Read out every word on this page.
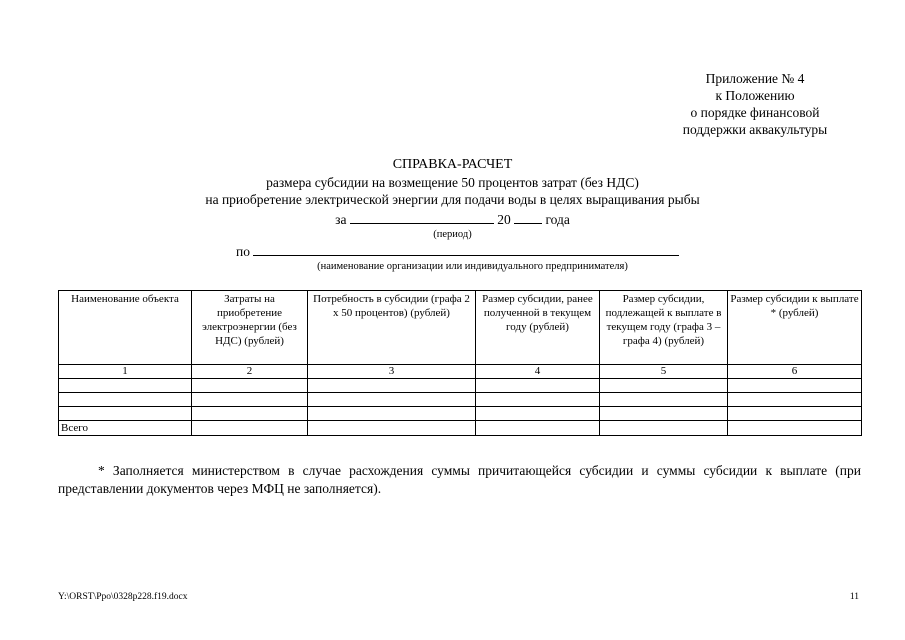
Приложение № 4
к Положению
о порядке финансовой
поддержки аквакультуры
СПРАВКА-РАСЧЕТ
размера субсидии на возмещение 50 процентов затрат (без НДС)
на приобретение электрической энергии для подачи воды в целях выращивания рыбы
за	20	года
(период)
по
(наименование организации или индивидуального предпринимателя)
Наименование объекта	Затраты на приобретение электроэнергии (без НДС) (рублей)	Потребность в субсидии (графа 2 х 50 процентов) (рублей)	Размер субсидии, ранее полученной в текущем году (рублей)	Размер субсидии, подлежащей к выплате в текущем году (графа 3 – графа 4) (рублей)	Размер субсидии к выплате * (рублей)
1	2	3	4	5	6

Всего					

* Заполняется министерством в случае расхождения суммы причитающейся субсидии и суммы субсидии к выплате (при представлении документов через МФЦ не заполняется).

Y:\ORST\Ppo\0328p228.f19.docx	11
